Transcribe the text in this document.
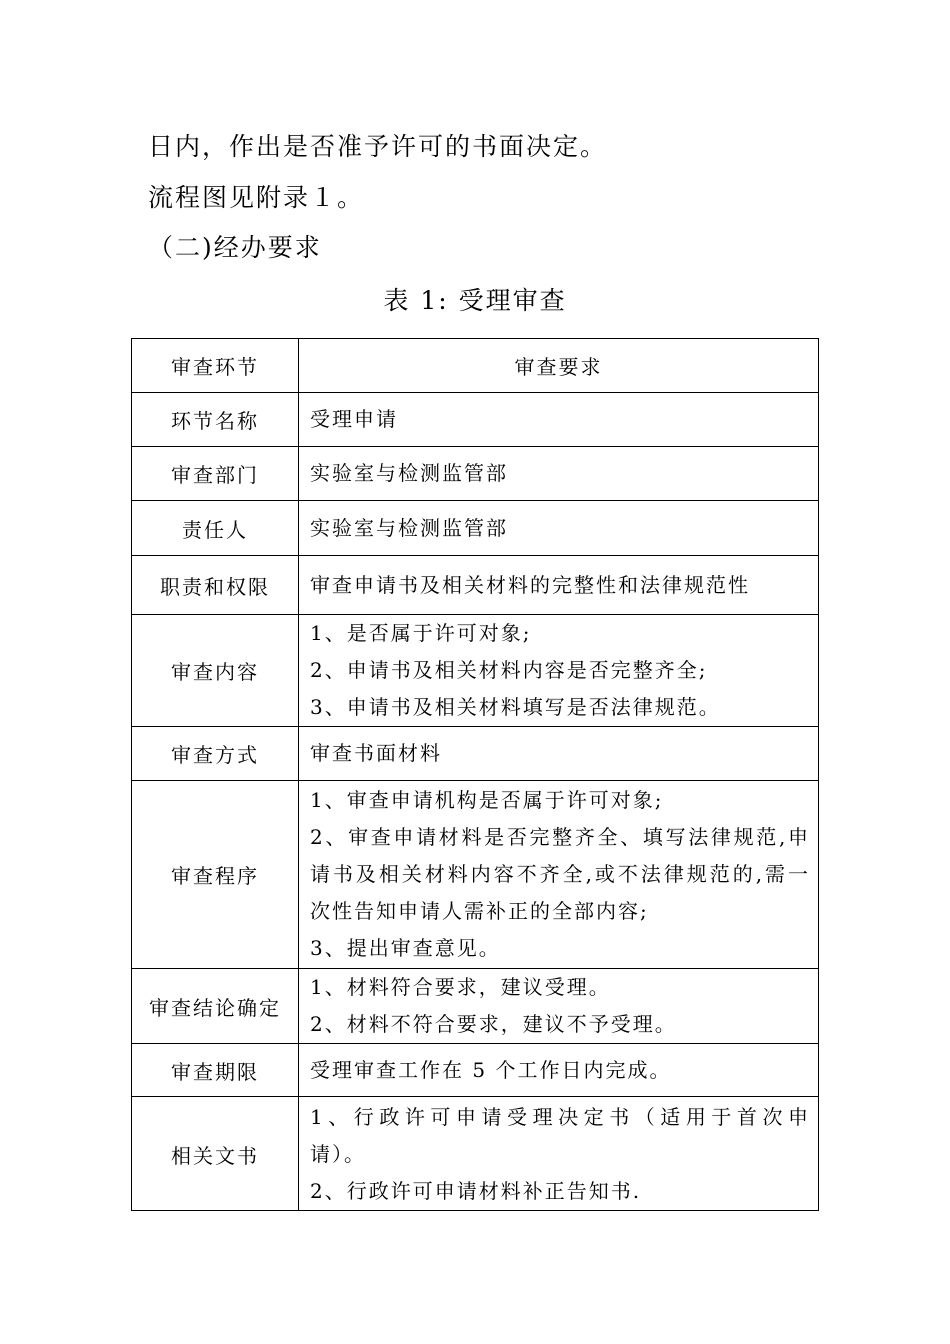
日内，作出是否准予许可的书面决定。
流程图见附录１。
（二)经办要求
表 1: 受理审查
审查环节	审查要求
环节名称	受理申请

审查部门	实验室与检测监管部

责任人	实验室与检测监管部

职责和权限	审查申请书及相关材料的完整性和法律规范性

审查内容	1、是否属于许可对象;
2、申请书及相关材料内容是否完整齐全;
3、申请书及相关材料填写是否法律规范。

审查方式	审查书面材料

审查程序	1、审查申请机构是否属于许可对象;
2、审查申请材料是否完整齐全、填写法律规范,申
请书及相关材料内容不齐全,或不法律规范的,需一
次性告知申请人需补正的全部内容;
3、提出审查意见。

审查结论确定	1、材料符合要求，建议受理。
2、材料不符合要求，建议不予受理。

审查期限	受理审查工作在 5 个工作日内完成。

相关文书	1、行政许可申请受理决定书（适用于首次申
请）。
2、行政许可申请材料补正告知书.
